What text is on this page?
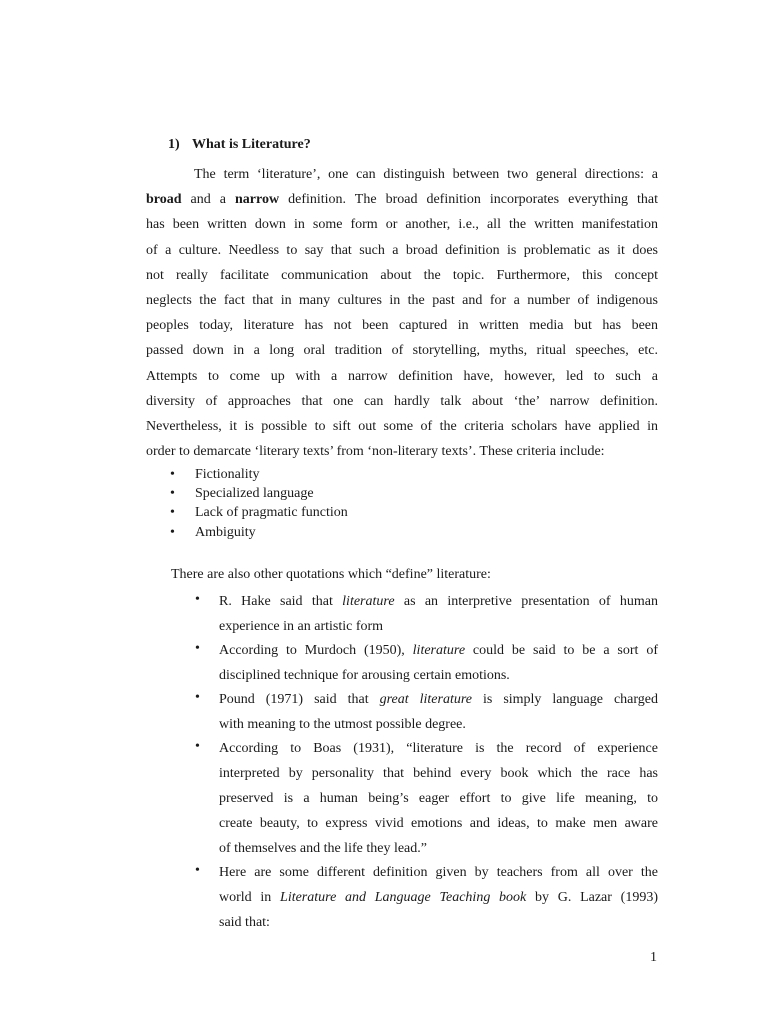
1) What is Literature?
The term ‘literature’, one can distinguish between two general directions: a
broad and a narrow definition. The broad definition incorporates everything that
has been written down in some form or another, i.e., all the written manifestation
of a culture. Needless to say that such a broad definition is problematic as it does
not really facilitate communication about the topic. Furthermore, this concept
neglects the fact that in many cultures in the past and for a number of indigenous
peoples today, literature has not been captured in written media but has been
passed down in a long oral tradition of storytelling, myths, ritual speeches, etc.
Attempts to come up with a narrow definition have, however, led to such a
diversity of approaches that one can hardly talk about ‘the’ narrow definition.
Nevertheless, it is possible to sift out some of the criteria scholars have applied in
order to demarcate ‘literary texts’ from ‘non-literary texts’. These criteria include:
• Fictionality
• Specialized language
• Lack of pragmatic function
• Ambiguity
There are also other quotations which “define” literature:
• R. Hake said that literature as an interpretive presentation of human
experience in an artistic form
• According to Murdoch (1950), literature could be said to be a sort of
disciplined technique for arousing certain emotions.
• Pound (1971) said that great literature is simply language charged
with meaning to the utmost possible degree.
• According to Boas (1931), “literature is the record of experience
interpreted by personality that behind every book which the race has
preserved is a human being’s eager effort to give life meaning, to
create beauty, to express vivid emotions and ideas, to make men aware
of themselves and the life they lead.”
• Here are some different definition given by teachers from all over the
world in Literature and Language Teaching book by G. Lazar (1993)
said that:
1
